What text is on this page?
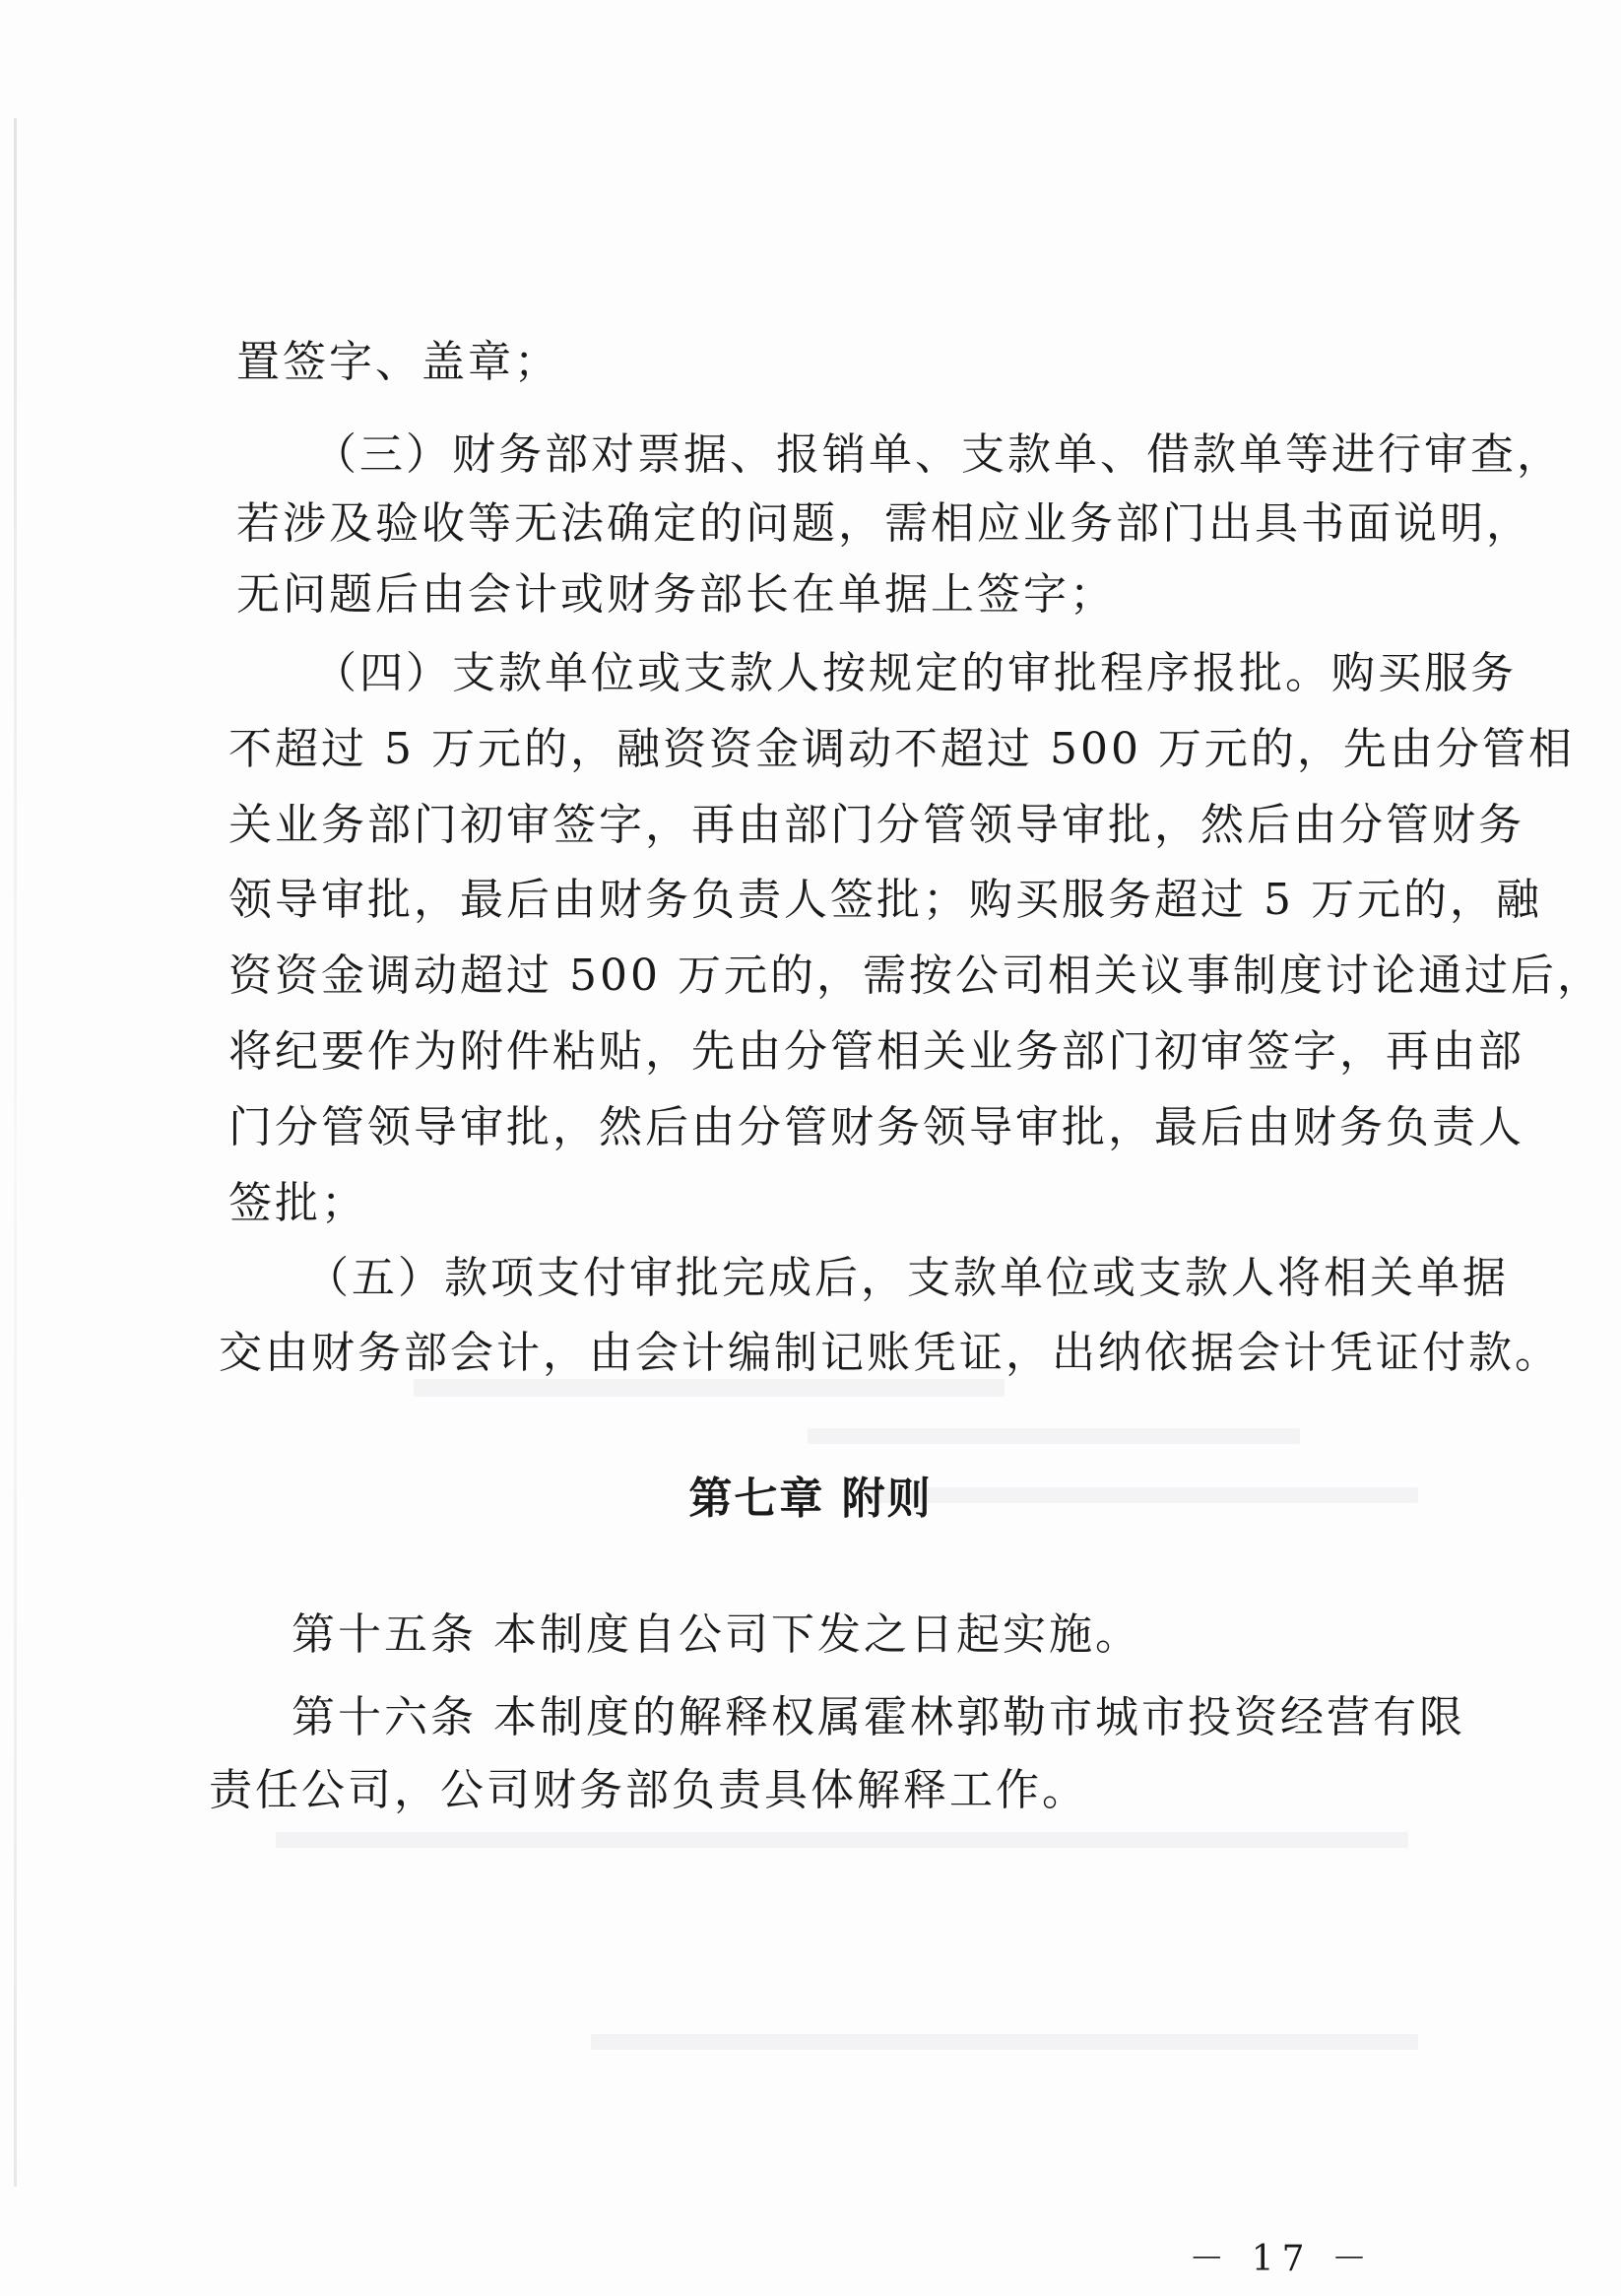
置签字、盖章；
（三）财务部对票据、报销单、支款单、借款单等进行审查，
若涉及验收等无法确定的问题，需相应业务部门出具书面说明，
无问题后由会计或财务部长在单据上签字；
（四）支款单位或支款人按规定的审批程序报批。购买服务
不超过 5 万元的，融资资金调动不超过 500 万元的，先由分管相
关业务部门初审签字，再由部门分管领导审批，然后由分管财务
领导审批，最后由财务负责人签批；购买服务超过 5 万元的，融
资资金调动超过 500 万元的，需按公司相关议事制度讨论通过后，
将纪要作为附件粘贴，先由分管相关业务部门初审签字，再由部
门分管领导审批，然后由分管财务领导审批，最后由财务负责人
签批；
（五）款项支付审批完成后，支款单位或支款人将相关单据
交由财务部会计，由会计编制记账凭证，出纳依据会计凭证付款。
第七章 附则
第十五条 本制度自公司下发之日起实施。
第十六条 本制度的解释权属霍林郭勒市城市投资经营有限
责任公司，公司财务部负责具体解释工作。
－ 17 －
